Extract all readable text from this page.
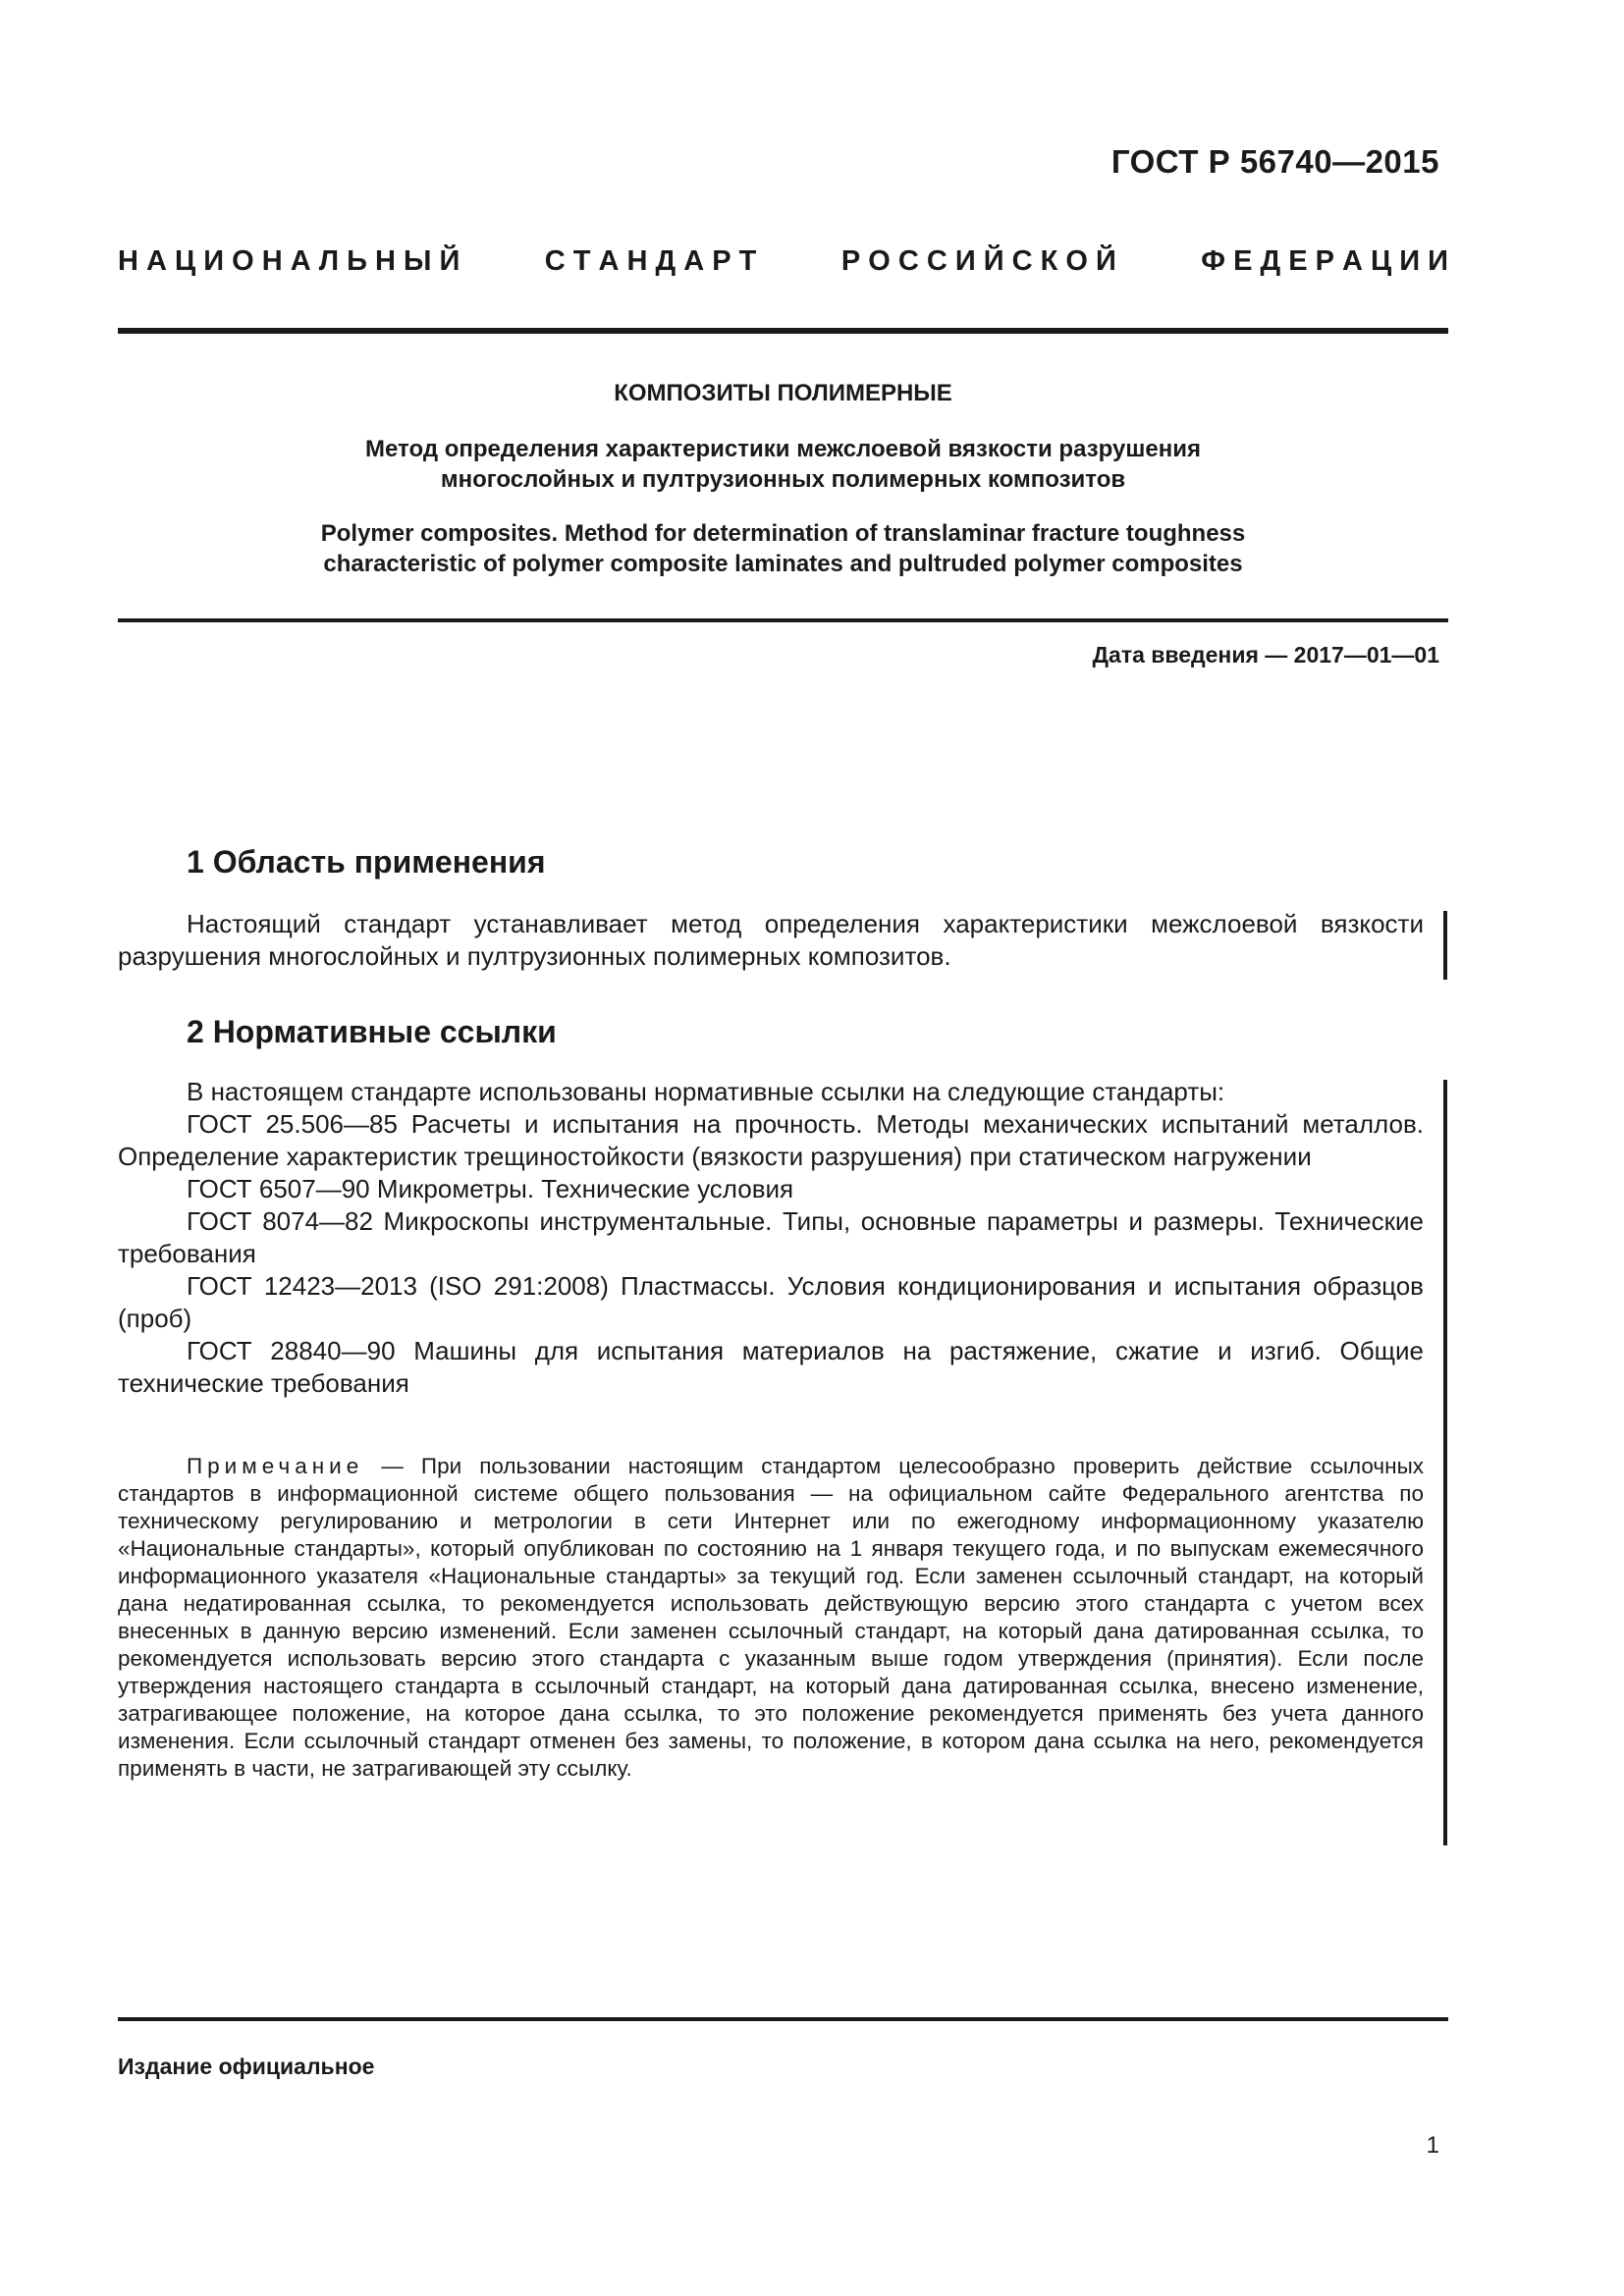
ГОСТ Р 56740—2015
Н А Ц И О Н А Л Ь Н Ы Й	С Т А Н Д А Р Т	Р О С С И Й С К О Й	Ф Е Д Е Р А Ц И И
КОМПОЗИТЫ ПОЛИМЕРНЫЕ
Метод определения характеристики межслоевой вязкости разрушения
многослойных и пултрузионных полимерных композитов
Polymer composites. Method for determination of translaminar fracture toughness
characteristic of polymer composite laminates and pultruded polymer composites
Дата введения — 2017—01—01
1 Область применения

Настоящий стандарт устанавливает метод определения характеристики межслоевой вязкости разрушения многослойных и пултрузионных полимерных композитов.

2 Нормативные ссылки

В настоящем стандарте использованы нормативные ссылки на следующие стандарты:

ГОСТ 25.506—85 Расчеты и испытания на прочность. Методы механических испытаний металлов. Определение характеристик трещиностойкости (вязкости разрушения) при статическом нагружении

ГОСТ 6507—90 Микрометры. Технические условия

ГОСТ 8074—82 Микроскопы инструментальные. Типы, основные параметры и размеры. Технические требования

ГОСТ 12423—2013 (ISO 291:2008) Пластмассы. Условия кондиционирования и испытания образцов (проб)

ГОСТ 28840—90 Машины для испытания материалов на растяжение, сжатие и изгиб. Общие технические требования

Примечание — При пользовании настоящим стандартом целесообразно проверить действие ссылочных стандартов в информационной системе общего пользования — на официальном сайте Федерального агентства по техническому регулированию и метрологии в сети Интернет или по ежегодному информационному указателю «Национальные стандарты», который опубликован по состоянию на 1 января текущего года, и по выпускам ежемесячного информационного указателя «Национальные стандарты» за текущий год. Если заменен ссылочный стандарт, на который дана недатированная ссылка, то рекомендуется использовать действующую версию этого стандарта с учетом всех внесенных в данную версию изменений. Если заменен ссылочный стандарт, на который дана датированная ссылка, то рекомендуется использовать версию этого стандарта с указанным выше годом утверждения (принятия). Если после утверждения настоящего стандарта в ссылочный стандарт, на который дана датированная ссылка, внесено изменение, затрагивающее положение, на которое дана ссылка, то это положение рекомендуется применять без учета данного изменения. Если ссылочный стандарт отменен без замены, то положение, в котором дана ссылка на него, рекомендуется применять в части, не затрагивающей эту ссылку.

Издание официальное
1
